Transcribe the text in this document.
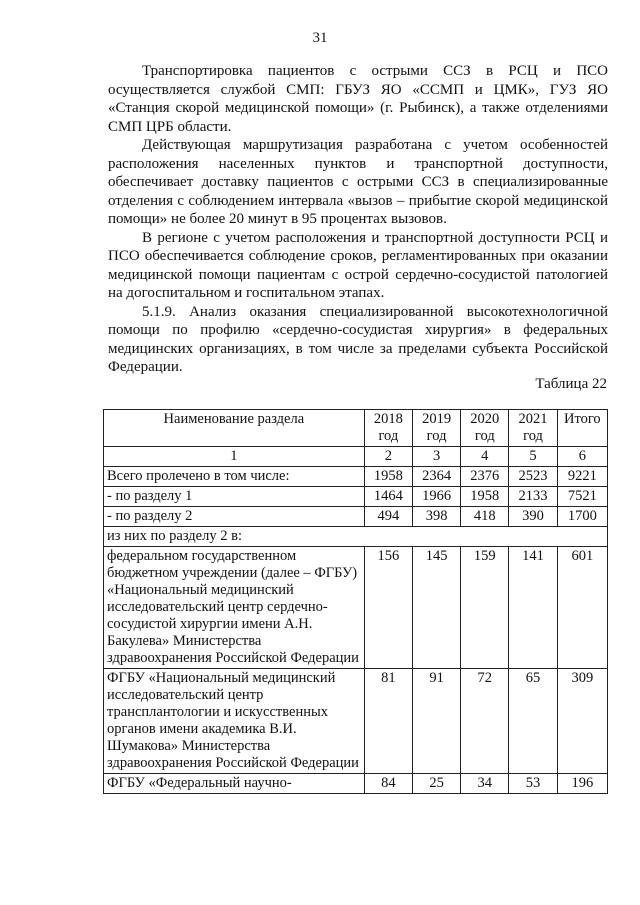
31

Транспортировка пациентов с острыми ССЗ в РСЦ и ПСО осуществляется службой СМП: ГБУЗ ЯО «ССМП и ЦМК», ГУЗ ЯО «Станция скорой медицинской помощи» (г. Рыбинск), а также отделениями СМП ЦРБ области.

Действующая маршрутизация разработана с учетом особенностей расположения населенных пунктов и транспортной доступности, обеспечивает доставку пациентов с острыми ССЗ в специализированные отделения с соблюдением интервала «вызов – прибытие скорой медицинской помощи» не более 20 минут в 95 процентах вызовов.

В регионе с учетом расположения и транспортной доступности РСЦ и ПСО обеспечивается соблюдение сроков, регламентированных при оказании медицинской помощи пациентам с острой сердечно-сосудистой патологией на догоспитальном и госпитальном этапах.

5.1.9. Анализ оказания специализированной высокотехнологичной помощи по профилю «сердечно-сосудистая хирургия» в федеральных медицинских организациях, в том числе за пределами субъекта Российской Федерации.

Таблица 22
Наименование раздела	2018 год	2019 год	2020 год	2021 год	Итого
1	2	3	4	5	6
Всего пролечено в том числе:	1958	2364	2376	2523	9221
- по разделу 1	1464	1966	1958	2133	7521
- по разделу 2	494	398	418	390	1700
из них по разделу 2 в:					
федеральном государственном бюджетном учреждении (далее – ФГБУ) «Национальный медицинский исследовательский центр сердечно-сосудистой хирургии имени А.Н. Бакулева» Министерства здравоохранения Российской Федерации	156	145	159	141	601
ФГБУ «Национальный медицинский исследовательский центр трансплантологии и искусственных органов имени академика В.И. Шумакова» Министерства здравоохранения Российской Федерации	81	91	72	65	309
ФГБУ «Федеральный научно-	84	25	34	53	196
